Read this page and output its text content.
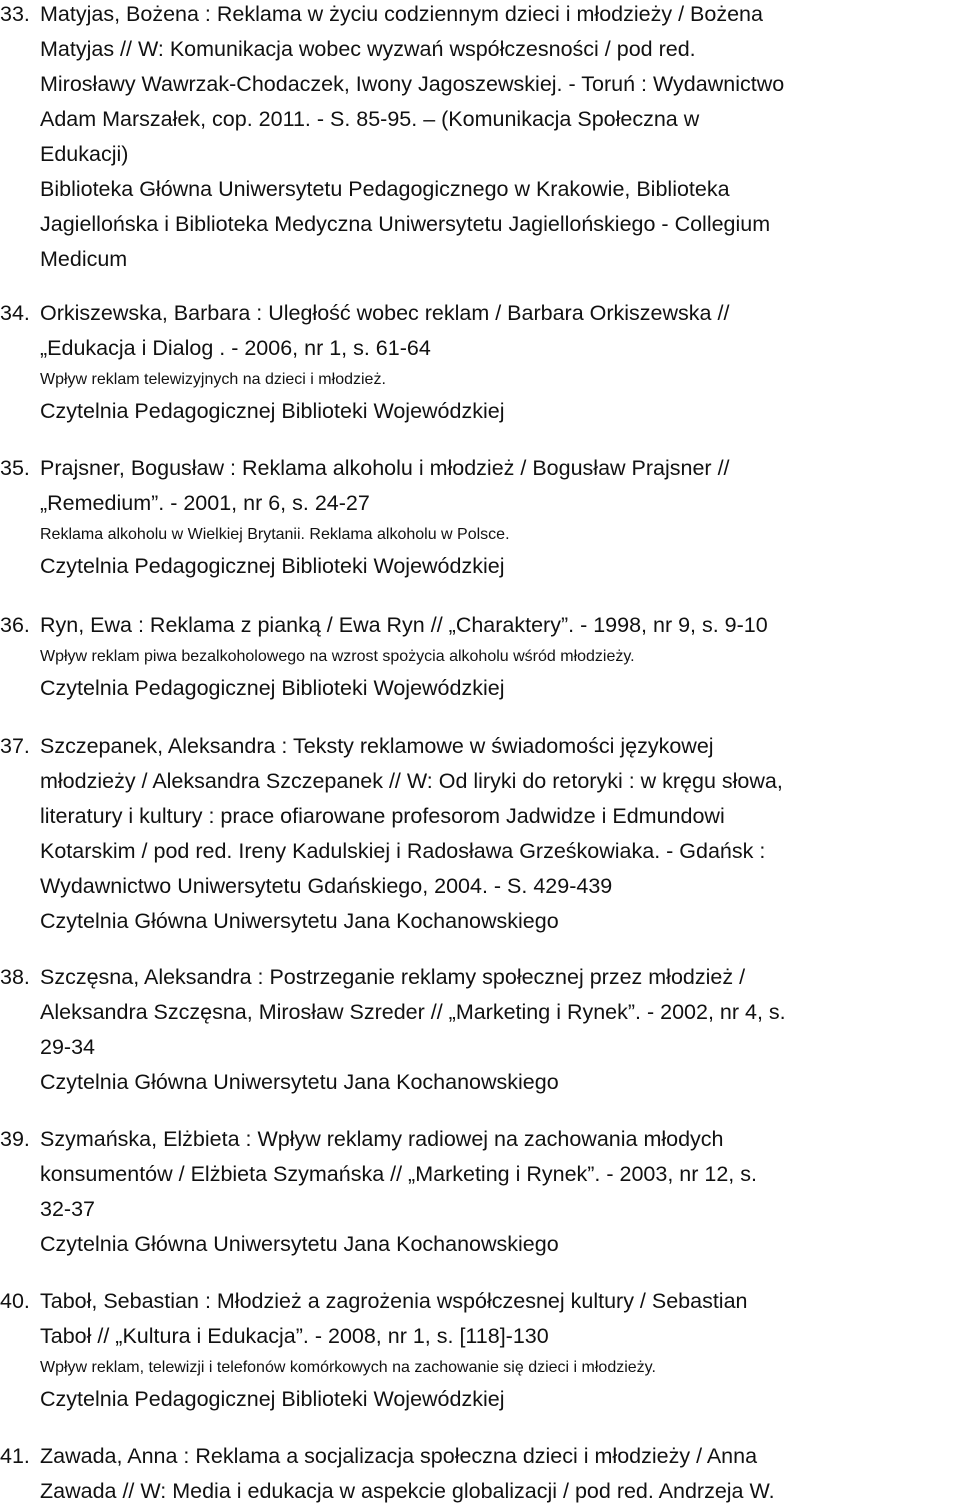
33. Matyjas, Bożena : Reklama w życiu codziennym dzieci i młodzieży / Bożena
Matyjas // W: Komunikacja wobec wyzwań współczesności / pod red.
Mirosławy Wawrzak-Chodaczek, Iwony Jagoszewskiej. - Toruń : Wydawnictwo
Adam Marszałek, cop. 2011. - S. 85-95. – (Komunikacja Społeczna w
Edukacji)
Biblioteka Główna Uniwersytetu Pedagogicznego w Krakowie, Biblioteka
Jagiellońska i Biblioteka Medyczna Uniwersytetu Jagiellońskiego - Collegium
Medicum
34. Orkiszewska, Barbara : Uległość wobec reklam / Barbara Orkiszewska //
„Edukacja i Dialog . - 2006, nr 1, s. 61-64
Wpływ reklam telewizyjnych na dzieci i młodzież.
Czytelnia Pedagogicznej Biblioteki Wojewódzkiej
35. Prajsner, Bogusław : Reklama alkoholu i młodzież / Bogusław Prajsner //
„Remedium”. - 2001, nr 6, s. 24-27
Reklama alkoholu w Wielkiej Brytanii. Reklama alkoholu w Polsce.
Czytelnia Pedagogicznej Biblioteki Wojewódzkiej
36. Ryn, Ewa : Reklama z pianką / Ewa Ryn // „Charaktery”. - 1998, nr 9, s. 9-10
Wpływ reklam piwa bezalkoholowego na wzrost spożycia alkoholu wśród młodzieży.
Czytelnia Pedagogicznej Biblioteki Wojewódzkiej
37. Szczepanek, Aleksandra : Teksty reklamowe w świadomości językowej
młodzieży / Aleksandra Szczepanek // W: Od liryki do retoryki : w kręgu słowa,
literatury i kultury : prace ofiarowane profesorom Jadwidze i Edmundowi
Kotarskim / pod red. Ireny Kadulskiej i Radosława Grześkowiaka. - Gdańsk :
Wydawnictwo Uniwersytetu Gdańskiego, 2004. - S. 429-439
Czytelnia Główna Uniwersytetu Jana Kochanowskiego
38. Szczęsna, Aleksandra : Postrzeganie reklamy społecznej przez młodzież /
Aleksandra Szczęsna, Mirosław Szreder // „Marketing i Rynek”. - 2002, nr 4, s.
29-34
Czytelnia Główna Uniwersytetu Jana Kochanowskiego
39. Szymańska, Elżbieta : Wpływ reklamy radiowej na zachowania młodych
konsumentów / Elżbieta Szymańska // „Marketing i Rynek”. - 2003, nr 12, s.
32-37
Czytelnia Główna Uniwersytetu Jana Kochanowskiego
40. Taboł, Sebastian : Młodzież a zagrożenia współczesnej kultury / Sebastian
Taboł // „Kultura i Edukacja”. - 2008, nr 1, s. [118]-130
Wpływ reklam, telewizji i telefonów komórkowych na zachowanie się dzieci i młodzieży.
Czytelnia Pedagogicznej Biblioteki Wojewódzkiej
41. Zawada, Anna : Reklama a socjalizacja społeczna dzieci i młodzieży / Anna
Zawada // W: Media i edukacja w aspekcie globalizacji / pod red. Andrzeja W.
